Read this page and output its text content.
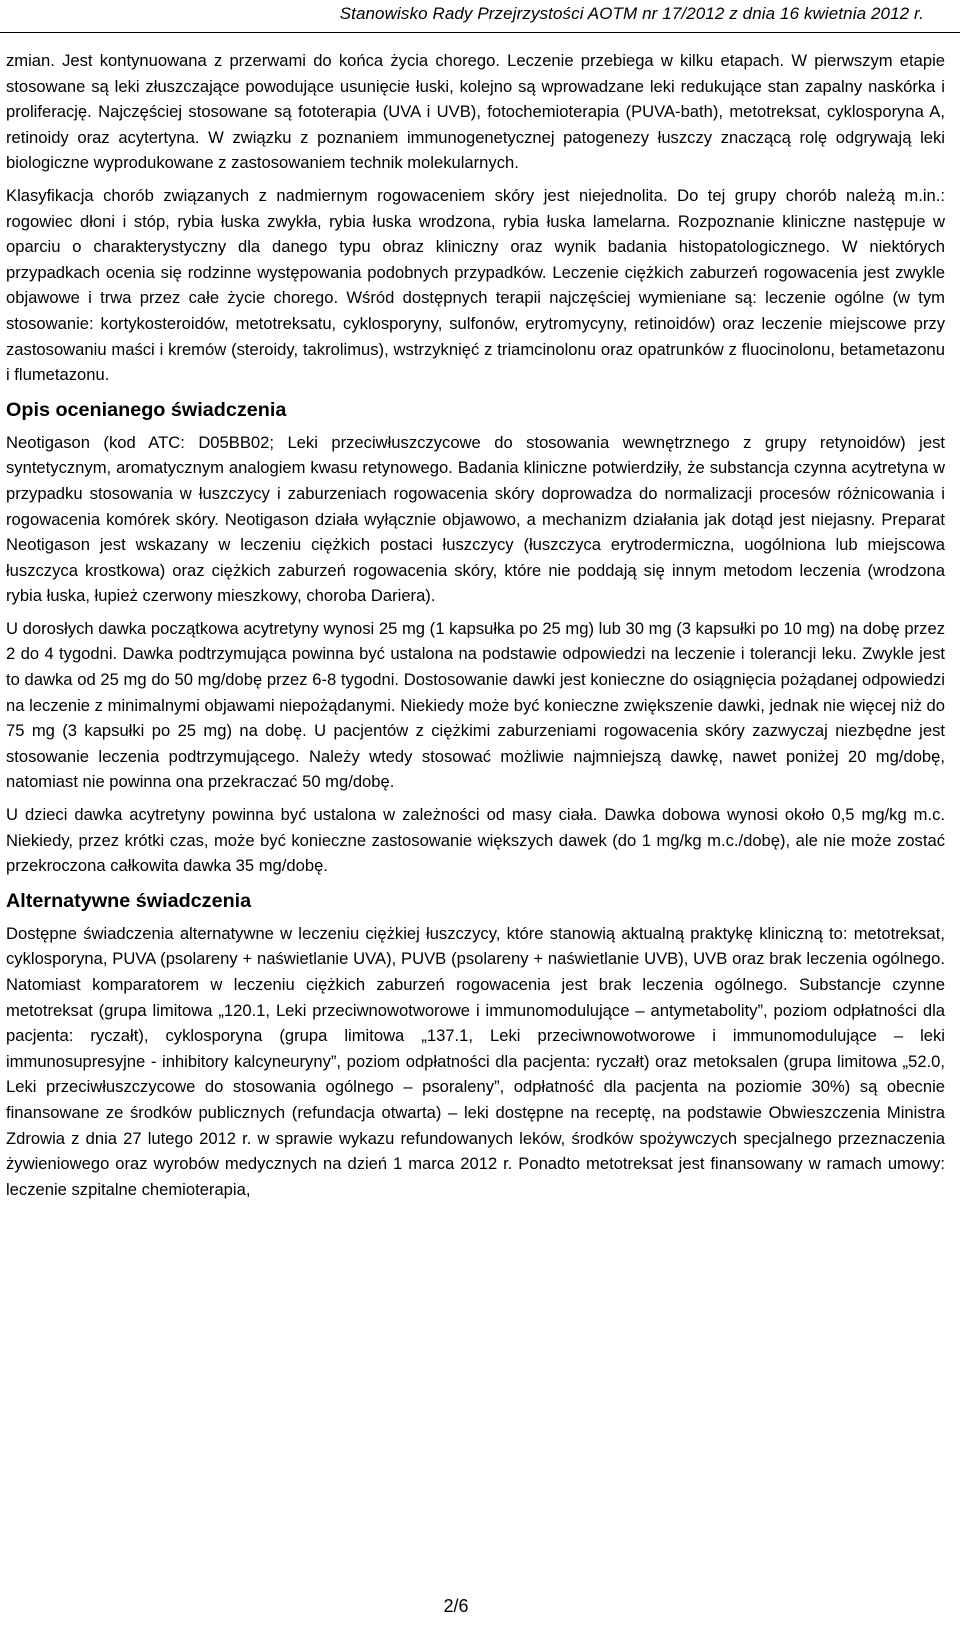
Stanowisko Rady Przejrzystości AOTM nr 17/2012 z dnia 16 kwietnia 2012 r.

zmian. Jest kontynuowana z przerwami do końca życia chorego. Leczenie przebiega w kilku etapach. W pierwszym etapie stosowane są leki złuszczające powodujące usunięcie łuski, kolejno są wprowadzane leki redukujące stan zapalny naskórka i proliferację. Najczęściej stosowane są fototerapia (UVA i UVB), fotochemioterapia (PUVA-bath), metotreksat, cyklosporyna A, retinoidy oraz acytertyna. W związku z poznaniem immunogenetycznej patogenezy łuszczy znaczącą rolę odgrywają leki biologiczne wyprodukowane z zastosowaniem technik molekularnych.

Klasyfikacja chorób związanych z nadmiernym rogowaceniem skóry jest niejednolita. Do tej grupy chorób należą m.in.: rogowiec dłoni i stóp, rybia łuska zwykła, rybia łuska wrodzona, rybia łuska lamelarna. Rozpoznanie kliniczne następuje w oparciu o charakterystyczny dla danego typu obraz kliniczny oraz wynik badania histopatologicznego. W niektórych przypadkach ocenia się rodzinne występowania podobnych przypadków. Leczenie ciężkich zaburzeń rogowacenia jest zwykle objawowe i trwa przez całe życie chorego. Wśród dostępnych terapii najczęściej wymieniane są: leczenie ogólne (w tym stosowanie: kortykosteroidów, metotreksatu, cyklosporyny, sulfonów, erytromycyny, retinoidów) oraz leczenie miejscowe przy zastosowaniu maści i kremów (steroidy, takrolimus), wstrzyknięć z triamcinolonu oraz opatrunków z fluocinolonu, betametazonu i flumetazonu.

Opis ocenianego świadczenia

Neotigason (kod ATC: D05BB02; Leki przeciwłuszczycowe do stosowania wewnętrznego z grupy retynoidów) jest syntetycznym, aromatycznym analogiem kwasu retynowego. Badania kliniczne potwierdziły, że substancja czynna acytretyna w przypadku stosowania w łuszczycy i zaburzeniach rogowacenia skóry doprowadza do normalizacji procesów różnicowania i rogowacenia komórek skóry. Neotigason działa wyłącznie objawowo, a mechanizm działania jak dotąd jest niejasny. Preparat Neotigason jest wskazany w leczeniu ciężkich postaci łuszczycy (łuszczyca erytrodermiczna, uogólniona lub miejscowa łuszczyca krostkowa) oraz ciężkich zaburzeń rogowacenia skóry, które nie poddają się innym metodom leczenia (wrodzona rybia łuska, łupież czerwony mieszkowy, choroba Dariera).

U dorosłych dawka początkowa acytretyny wynosi 25 mg (1 kapsułka po 25 mg) lub 30 mg (3 kapsułki po 10 mg) na dobę przez 2 do 4 tygodni. Dawka podtrzymująca powinna być ustalona na podstawie odpowiedzi na leczenie i tolerancji leku. Zwykle jest to dawka od 25 mg do 50 mg/dobę przez 6-8 tygodni. Dostosowanie dawki jest konieczne do osiągnięcia pożądanej odpowiedzi na leczenie z minimalnymi objawami niepożądanymi. Niekiedy może być konieczne zwiększenie dawki, jednak nie więcej niż do 75 mg (3 kapsułki po 25 mg) na dobę. U pacjentów z ciężkimi zaburzeniami rogowacenia skóry zazwyczaj niezbędne jest stosowanie leczenia podtrzymującego. Należy wtedy stosować możliwie najmniejszą dawkę, nawet poniżej 20 mg/dobę, natomiast nie powinna ona przekraczać 50 mg/dobę.

U dzieci dawka acytretyny powinna być ustalona w zależności od masy ciała. Dawka dobowa wynosi około 0,5 mg/kg m.c. Niekiedy, przez krótki czas, może być konieczne zastosowanie większych dawek (do 1 mg/kg m.c./dobę), ale nie może zostać przekroczona całkowita dawka 35 mg/dobę.

Alternatywne świadczenia

Dostępne świadczenia alternatywne w leczeniu ciężkiej łuszczycy, które stanowią aktualną praktykę kliniczną to: metotreksat, cyklosporyna, PUVA (psolareny + naświetlanie UVA), PUVB (psolareny + naświetlanie UVB), UVB oraz brak leczenia ogólnego. Natomiast komparatorem w leczeniu ciężkich zaburzeń rogowacenia jest brak leczenia ogólnego. Substancje czynne metotreksat (grupa limitowa „120.1, Leki przeciwnowotworowe i immunomodulujące – antymetabolity”, poziom odpłatności dla pacjenta: ryczałt), cyklosporyna (grupa limitowa „137.1, Leki przeciwnowotworowe i immunomodulujące – leki immunosupresyjne - inhibitory kalcyneuryny”, poziom odpłatności dla pacjenta: ryczałt) oraz metoksalen (grupa limitowa „52.0, Leki przeciwłuszczycowe do stosowania ogólnego – psoraleny”, odpłatność dla pacjenta na poziomie 30%) są obecnie finansowane ze środków publicznych (refundacja otwarta) – leki dostępne na receptę, na podstawie Obwieszczenia Ministra Zdrowia z dnia 27 lutego 2012 r. w sprawie wykazu refundowanych leków, środków spożywczych specjalnego przeznaczenia żywieniowego oraz wyrobów medycznych na dzień 1 marca 2012 r. Ponadto metotreksat jest finansowany w ramach umowy: leczenie szpitalne chemioterapia,

2/6
